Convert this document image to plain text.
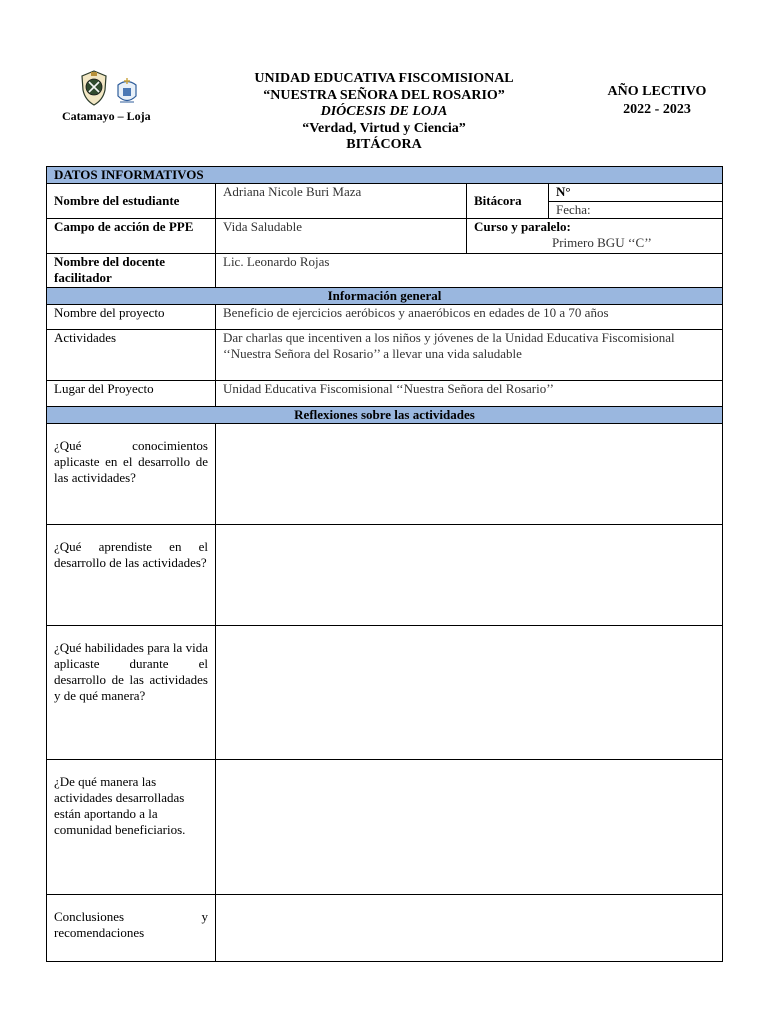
Catamayo – Loja
UNIDAD EDUCATIVA FISCOMISIONAL
“NUESTRA SEÑORA DEL ROSARIO”
DIÓCESIS DE LOJA
“Verdad, Virtud y Ciencia”
BITÁCORA
AÑO LECTIVO
2022 - 2023
DATOS INFORMATIVOS			
Nombre del estudiante	Adriana Nicole Buri Maza	Bitácora	N°
			Fecha:
Campo de acción de PPE	Vida Saludable	Curso y paralelo:
Primero BGU ‘‘C’’	

Nombre del docente facilitador	Lic. Leonardo Rojas		
Información general			
Nombre del proyecto	Beneficio de ejercicios aeróbicos y anaeróbicos en edades de 10 a 70 años		
Actividades	Dar charlas que incentiven a los niños y jóvenes de la Unidad Educativa Fiscomisional ‘‘Nuestra Señora del Rosario’’ a llevar una vida saludable		
Lugar del Proyecto	Unidad Educativa Fiscomisional ‘‘Nuestra Señora del Rosario’’		
Reflexiones sobre las actividades			
¿Qué conocimientos aplicaste en el desarrollo de las actividades?			
¿Qué aprendiste en el desarrollo de las actividades?			
¿Qué habilidades para la vida aplicaste durante el desarrollo de las actividades y de qué manera?			
¿De qué manera las actividades desarrolladas están aportando a la comunidad beneficiarios.			
Conclusiones y recomendaciones			
